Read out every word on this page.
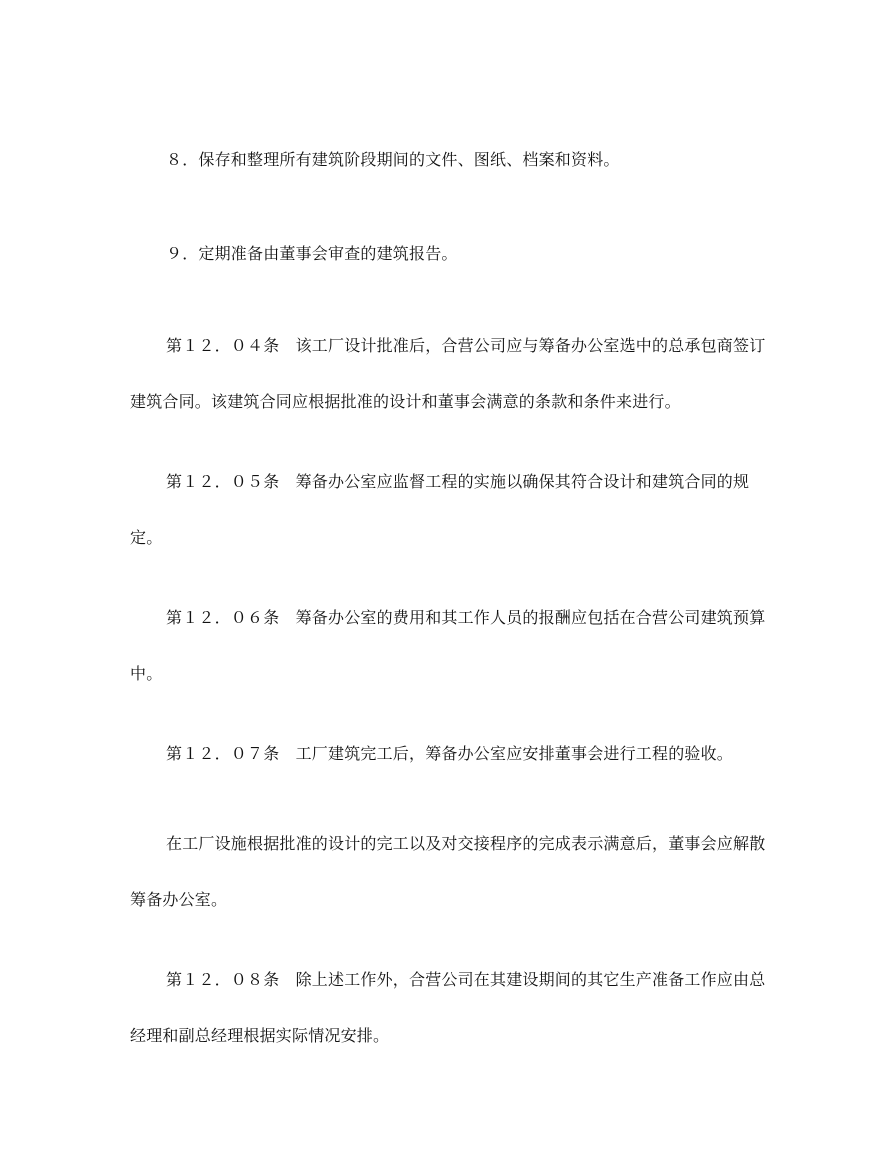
８．保存和整理所有建筑阶段期间的文件、图纸、档案和资料。

９．定期准备由董事会审查的建筑报告。

第１２．０４条　该工厂设计批准后，合营公司应与筹备办公室选中的总承包商签订建筑合同。该建筑合同应根据批准的设计和董事会满意的条款和条件来进行。

第１２．０５条　筹备办公室应监督工程的实施以确保其符合设计和建筑合同的规定。

第１２．０６条　筹备办公室的费用和其工作人员的报酬应包括在合营公司建筑预算中。

第１２．０７条　工厂建筑完工后，筹备办公室应安排董事会进行工程的验收。

在工厂设施根据批准的设计的完工以及对交接程序的完成表示满意后，董事会应解散筹备办公室。

第１２．０８条　除上述工作外，合营公司在其建设期间的其它生产准备工作应由总经理和副总经理根据实际情况安排。
